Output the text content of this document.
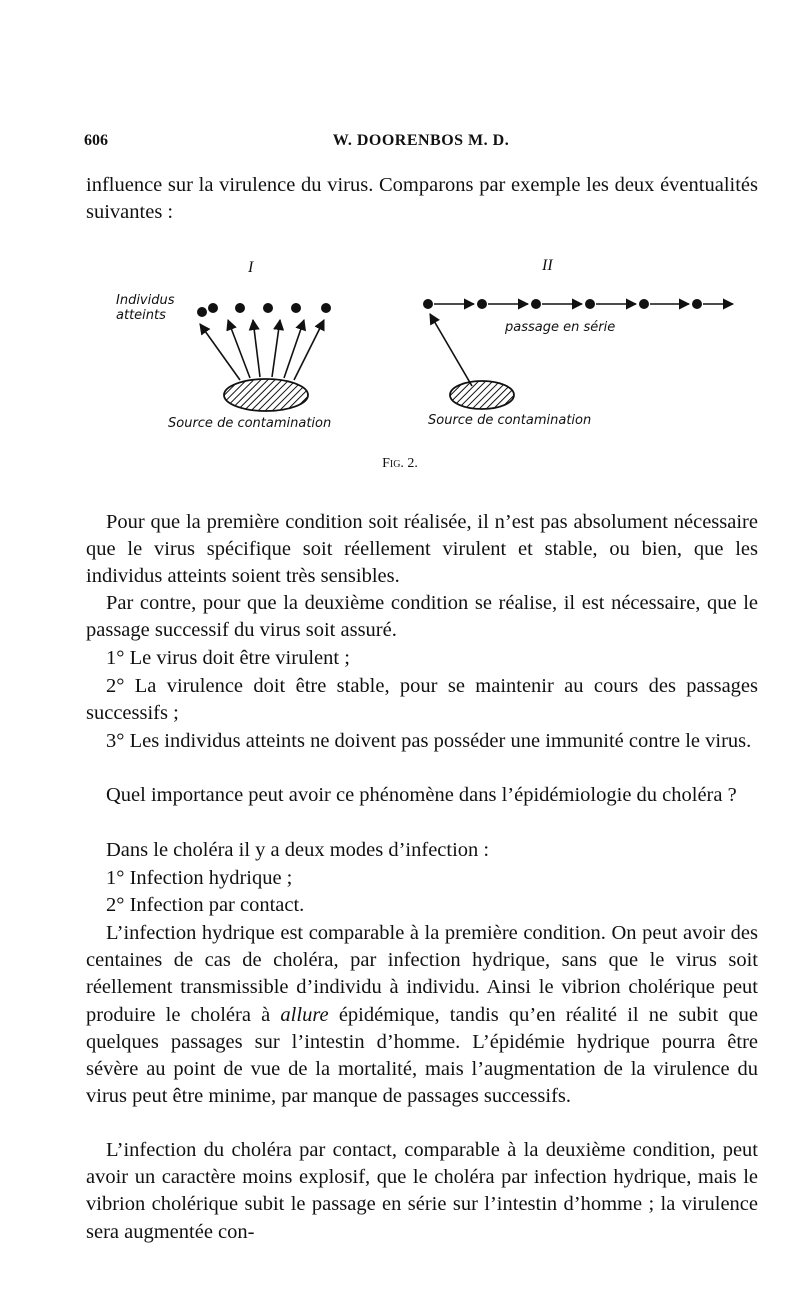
606	W. DOORENBOS M. D.

influence sur la virulence du virus. Comparons par exemple les deux éventualités suivantes :

I	II
Individus
atteints
passage en série
Source de contamination	Source de contamination
Fig. 2.

Pour que la première condition soit réalisée, il n’est pas absolument nécessaire que le virus spécifique soit réellement virulent et stable, ou bien, que les individus atteints soient très sensibles.

Par contre, pour que la deuxième condition se réalise, il est nécessaire, que le passage successif du virus soit assuré.

1° Le virus doit être virulent ;

2° La virulence doit être stable, pour se maintenir au cours des passages successifs ;

3° Les individus atteints ne doivent pas posséder une immunité contre le virus.

Quel importance peut avoir ce phénomène dans l’épidémiologie du choléra ?

Dans le choléra il y a deux modes d’infection :

1° Infection hydrique ;

2° Infection par contact.

L’infection hydrique est comparable à la première condition. On peut avoir des centaines de cas de choléra, par infection hydrique, sans que le virus soit réellement transmissible d’individu à individu. Ainsi le vibrion cholérique peut produire le choléra à allure épidémique, tandis qu’en réalité il ne subit que quelques passages sur l’intestin d’homme. L’épidémie hydrique pourra être sévère au point de vue de la mortalité, mais l’augmentation de la virulence du virus peut être minime, par manque de passages successifs.

L’infection du choléra par contact, comparable à la deuxième condition, peut avoir un caractère moins explosif, que le choléra par infection hydrique, mais le vibrion cholérique subit le passage en série sur l’intestin d’homme ; la virulence sera augmentée con-
